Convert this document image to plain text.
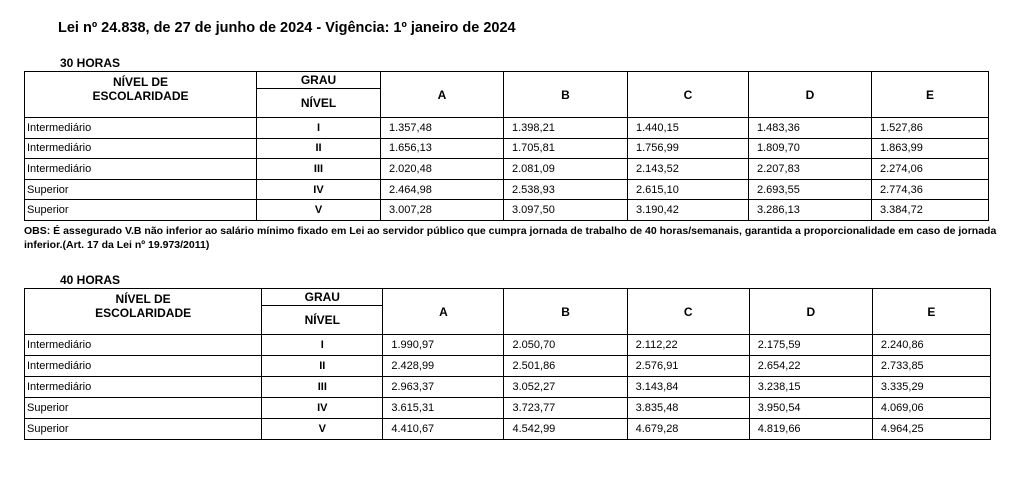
Lei nº 24.838, de 27 de junho de 2024 - Vigência: 1º janeiro de 2024
30 HORAS
NÍVEL DE
ESCOLARIDADE	GRAU	A	B	C	D	E
	NÍVEL					
Intermediário	I	1.357,48	1.398,21	1.440,15	1.483,36	1.527,86
Intermediário	II	1.656,13	1.705,81	1.756,99	1.809,70	1.863,99
Intermediário	III	2.020,48	2.081,09	2.143,52	2.207,83	2.274,06
Superior	IV	2.464,98	2.538,93	2.615,10	2.693,55	2.774,36
Superior	V	3.007,28	3.097,50	3.190,42	3.286,13	3.384,72
OBS: É assegurado V.B não inferior ao salário mínimo fixado em Lei ao servidor público que cumpra jornada de trabalho de 40 horas/semanais, garantida a proporcionalidade em caso de jornada inferior.(Art. 17 da Lei nº 19.973/2011)
40 HORAS
NÍVEL DE
ESCOLARIDADE	GRAU	A	B	C	D	E
	NÍVEL					
Intermediário	I	1.990,97	2.050,70	2.112,22	2.175,59	2.240,86
Intermediário	II	2.428,99	2.501,86	2.576,91	2.654,22	2.733,85
Intermediário	III	2.963,37	3.052,27	3.143,84	3.238,15	3.335,29
Superior	IV	3.615,31	3.723,77	3.835,48	3.950,54	4.069,06
Superior	V	4.410,67	4.542,99	4.679,28	4.819,66	4.964,25
